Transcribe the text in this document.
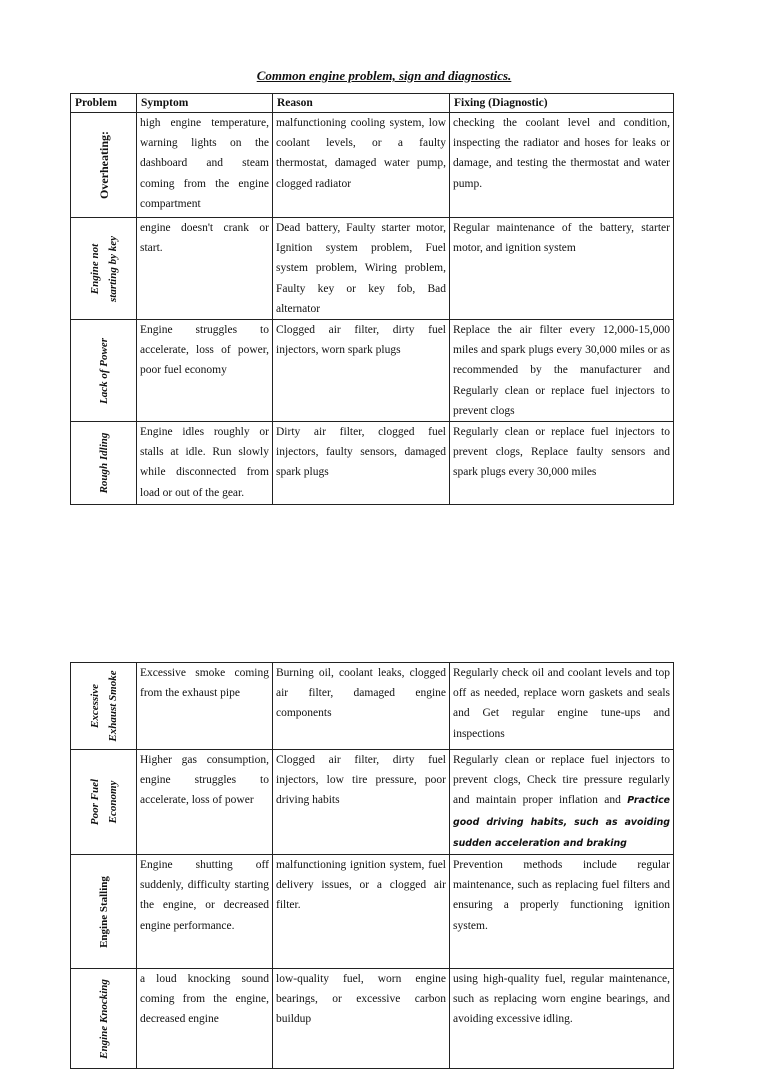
Common engine problem, sign and diagnostics.
Problem	Symptom	Reason	Fixing (Diagnostic)

Overheating:	high engine temperature, warning lights on the dashboard and steam coming from the engine compartment	malfunctioning cooling system, low coolant levels, or a faulty thermostat, damaged water pump, clogged radiator	checking the coolant level and condition, inspecting the radiator and hoses for leaks or damage, and testing the thermostat and water pump.

Engine not starting by key	engine doesn't crank or start.	Dead battery, Faulty starter motor, Ignition system problem, Fuel system problem, Wiring problem, Faulty key or key fob, Bad alternator	Regular maintenance of the battery, starter motor, and ignition system

Lack of Power	Engine struggles to accelerate, loss of power, poor fuel economy	Clogged air filter, dirty fuel injectors, worn spark plugs	Replace the air filter every 12,000-15,000 miles and spark plugs every 30,000 miles or as recommended by the manufacturer and Regularly clean or replace fuel injectors to prevent clogs

Rough Idling	Engine idles roughly or stalls at idle. Run slowly while disconnected from load or out of the gear.	Dirty air filter, clogged fuel injectors, faulty sensors, damaged spark plugs	Regularly clean or replace fuel injectors to prevent clogs, Replace faulty sensors and spark plugs every 30,000 miles
Excessive Exhaust Smoke	Excessive smoke coming from the exhaust pipe	Burning oil, coolant leaks, clogged air filter, damaged engine components	Regularly check oil and coolant levels and top off as needed, replace worn gaskets and seals and Get regular engine tune-ups and inspections

Poor Fuel Economy	Higher gas consumption, engine struggles to accelerate, loss of power	Clogged air filter, dirty fuel injectors, low tire pressure, poor driving habits	Regularly clean or replace fuel injectors to prevent clogs, Check tire pressure regularly and maintain proper inflation and Practice good driving habits, such as avoiding sudden acceleration and braking

Engine Stalling	Engine shutting off suddenly, difficulty starting the engine, or decreased engine performance.	malfunctioning ignition system, fuel delivery issues, or a clogged air filter.	Prevention methods include regular maintenance, such as replacing fuel filters and ensuring a properly functioning ignition system.

Engine Knocking	a loud knocking sound coming from the engine, decreased engine	low-quality fuel, worn engine bearings, or excessive carbon buildup	using high-quality fuel, regular maintenance, such as replacing worn engine bearings, and avoiding excessive idling.
